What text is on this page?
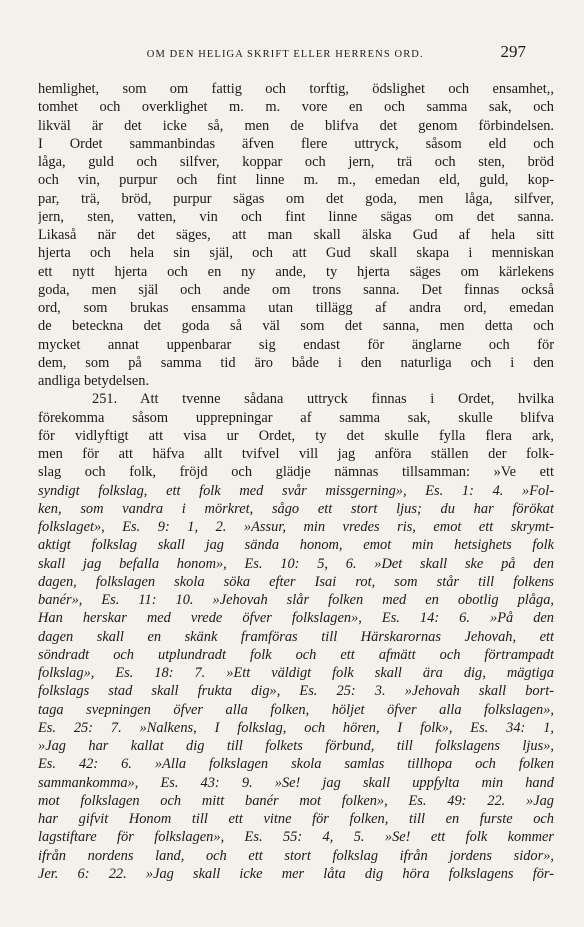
OM DEN HELIGA SKRIFT ELLER HERRENS ORD.	297
hemlighet, som om fattig och torftig, ödslighet och ensamhet,,
tomhet och overklighet m. m. vore en och samma sak, och
likväl är det icke så, men de blifva det genom förbindelsen.
I Ordet sammanbindas äfven flere uttryck, såsom eld och
låga, guld och silfver, koppar och jern, trä och sten, bröd
och vin, purpur och fint linne m. m., emedan eld, guld, kop-
par, trä, bröd, purpur sägas om det goda, men låga, silfver,
jern, sten, vatten, vin och fint linne sägas om det sanna.
Likaså när det säges, att man skall älska Gud af hela sitt
hjerta och hela sin själ, och att Gud skall skapa i menniskan
ett nytt hjerta och en ny ande, ty hjerta säges om kärlekens
goda, men själ och ande om trons sanna. Det finnas också
ord, som brukas ensamma utan tillägg af andra ord, emedan
de beteckna det goda så väl som det sanna, men detta och
mycket annat uppenbarar sig endast för änglarne och för
dem, som på samma tid äro både i den naturliga och i den
andliga betydelsen.
251. Att tvenne sådana uttryck finnas i Ordet, hvilka
förekomma såsom upprepningar af samma sak, skulle blifva
för vidlyftigt att visa ur Ordet, ty det skulle fylla flera ark,
men för att häfva allt tvifvel vill jag anföra ställen der folk-
slag och folk, fröjd och glädje nämnas tillsamman: »Ve ett
syndigt folkslag, ett folk med svår missgerning», Es. 1: 4. »Fol-
ken, som vandra i mörkret, sågo ett stort ljus; du har förökat
folkslaget», Es. 9: 1, 2. »Assur, min vredes ris, emot ett skrymt-
aktigt folkslag skall jag sända honom, emot min hetsighets folk
skall jag befalla honom», Es. 10: 5, 6. »Det skall ske på den
dagen, folkslagen skola söka efter Isai rot, som står till folkens
banér», Es. 11: 10. »Jehovah slår folken med en obotlig plåga,
Han herskar med vrede öfver folkslagen», Es. 14: 6. »På den
dagen skall en skänk framföras till Härskarornas Jehovah, ett
söndradt och utplundradt folk och ett afmätt och förtrampadt
folkslag», Es. 18: 7. »Ett väldigt folk skall ära dig, mägtiga
folkslags stad skall frukta dig», Es. 25: 3. »Jehovah skall bort-
taga svepningen öfver alla folken, höljet öfver alla folkslagen»,
Es. 25: 7. »Nalkens, I folkslag, och hören, I folk», Es. 34: 1,
»Jag har kallat dig till folkets förbund, till folkslagens ljus»,
Es. 42: 6. »Alla folkslagen skola samlas tillhopa och folken
sammankomma», Es. 43: 9. »Se! jag skall uppfylta min hand
mot folkslagen och mitt banér mot folken», Es. 49: 22. »Jag
har gifvit Honom till ett vitne för folken, till en furste och
lagstiftare för folkslagen», Es. 55: 4, 5. »Se! ett folk kommer
ifrån nordens land, och ett stort folkslag ifrån jordens sidor»,
Jer. 6: 22. »Jag skall icke mer låta dig höra folkslagens för-
